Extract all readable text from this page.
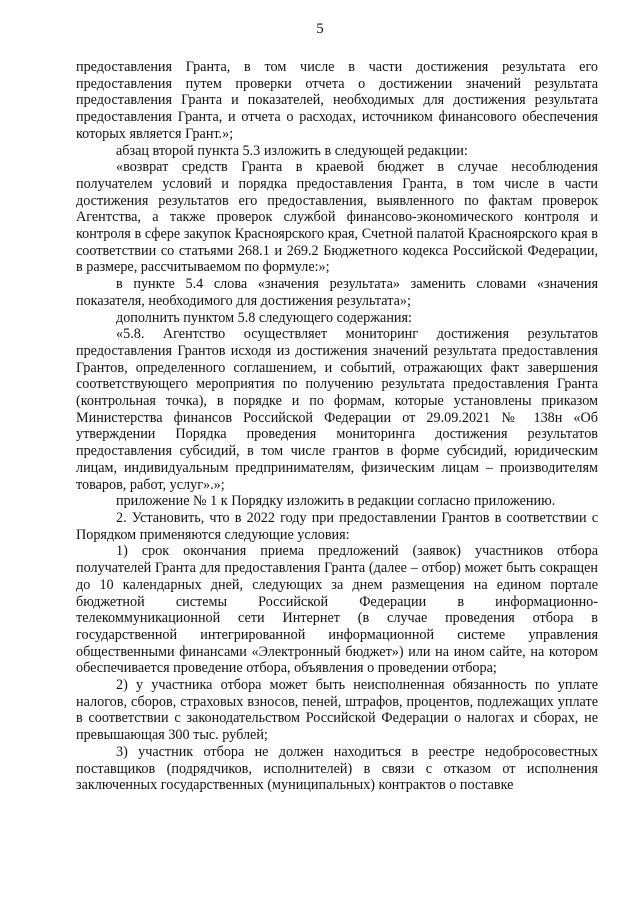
5

предоставления Гранта, в том числе в части достижения результата его предоставления путем проверки отчета о достижении значений результата предоставления Гранта и показателей, необходимых для достижения результата предоставления Гранта, и отчета о расходах, источником финансового обеспечения которых является Грант.»;

абзац второй пункта 5.3 изложить в следующей редакции:

«возврат средств Гранта в краевой бюджет в случае несоблюдения получателем условий и порядка предоставления Гранта, в том числе в части достижения результатов его предоставления, выявленного по фактам проверок Агентства, а также проверок службой финансово-экономического контроля и контроля в сфере закупок Красноярского края, Счетной палатой Красноярского края в соответствии со статьями 268.1 и 269.2 Бюджетного кодекса Российской Федерации, в размере, рассчитываемом по формуле:»;

в пункте 5.4 слова «значения результата» заменить словами «значения показателя, необходимого для достижения результата»;

дополнить пунктом 5.8 следующего содержания:

«5.8. Агентство осуществляет мониторинг достижения результатов предоставления Грантов исходя из достижения значений результата предоставления Грантов, определенного соглашением, и событий, отражающих факт завершения соответствующего мероприятия по получению результата предоставления Гранта (контрольная точка), в порядке и по формам, которые установлены приказом Министерства финансов Российской Федерации от 29.09.2021 № 138н «Об утверждении Порядка проведения мониторинга достижения результатов предоставления субсидий, в том числе грантов в форме субсидий, юридическим лицам, индивидуальным предпринимателям, физическим лицам – производителям товаров, работ, услуг».»;

приложение № 1 к Порядку изложить в редакции согласно приложению.

2. Установить, что в 2022 году при предоставлении Грантов в соответствии с Порядком применяются следующие условия:

1) срок окончания приема предложений (заявок) участников отбора получателей Гранта для предоставления Гранта (далее – отбор) может быть сокращен до 10 календарных дней, следующих за днем размещения на едином портале бюджетной системы Российской Федерации в информационно-телекоммуникационной сети Интернет (в случае проведения отбора в государственной интегрированной информационной системе управления общественными финансами «Электронный бюджет») или на ином сайте, на котором обеспечивается проведение отбора, объявления о проведении отбора;

2) у участника отбора может быть неисполненная обязанность по уплате налогов, сборов, страховых взносов, пеней, штрафов, процентов, подлежащих уплате в соответствии с законодательством Российской Федерации о налогах и сборах, не превышающая 300 тыс. рублей;

3) участник отбора не должен находиться в реестре недобросовестных поставщиков (подрядчиков, исполнителей) в связи с отказом от исполнения заключенных государственных (муниципальных) контрактов о поставке
